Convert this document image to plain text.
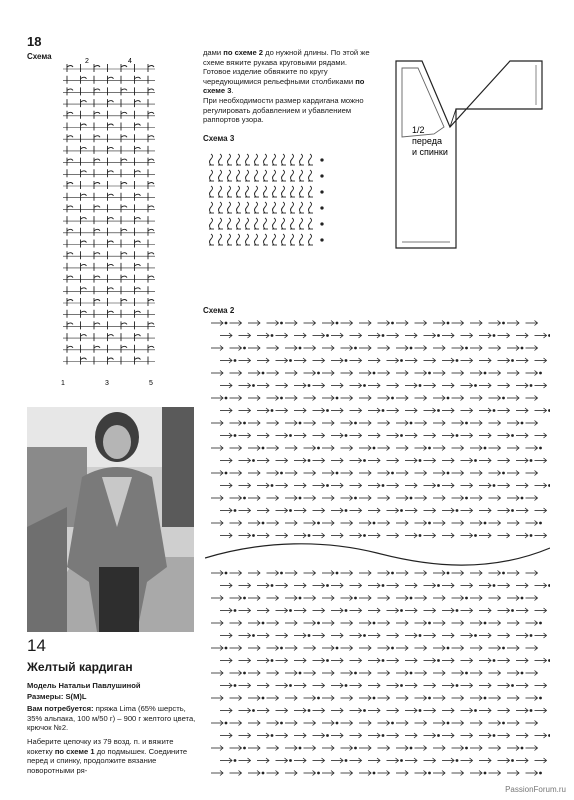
18
Схема
2	4
1	3	5
дами по схеме 2 до нужной длины. По этой же схеме вяжите рукава круговыми рядами.
Готовое изделие обвяжите по кругу чередующимися рельефными столбиками по схеме 3.
При необходимости размер кардигана можно регулировать добавлением и убавлением раппортов узора.
Схема 3
1/2
переда
и спинки
Схема 2
14
Желтый кардиган
Модель Натальи Павлушиной
Размеры: S(M)L
Вам потребуется: пряжа Lima (65% шерсть, 35% альпака, 100 м/50 г) – 900 г желтого цвета, крючок №2.
Наберите цепочку из 79 возд. п. и вяжите кокетку по схеме 1 до подмышек. Соедините перед и спинку, продолжите вязание поворотными ря-
PassionForum.ru
